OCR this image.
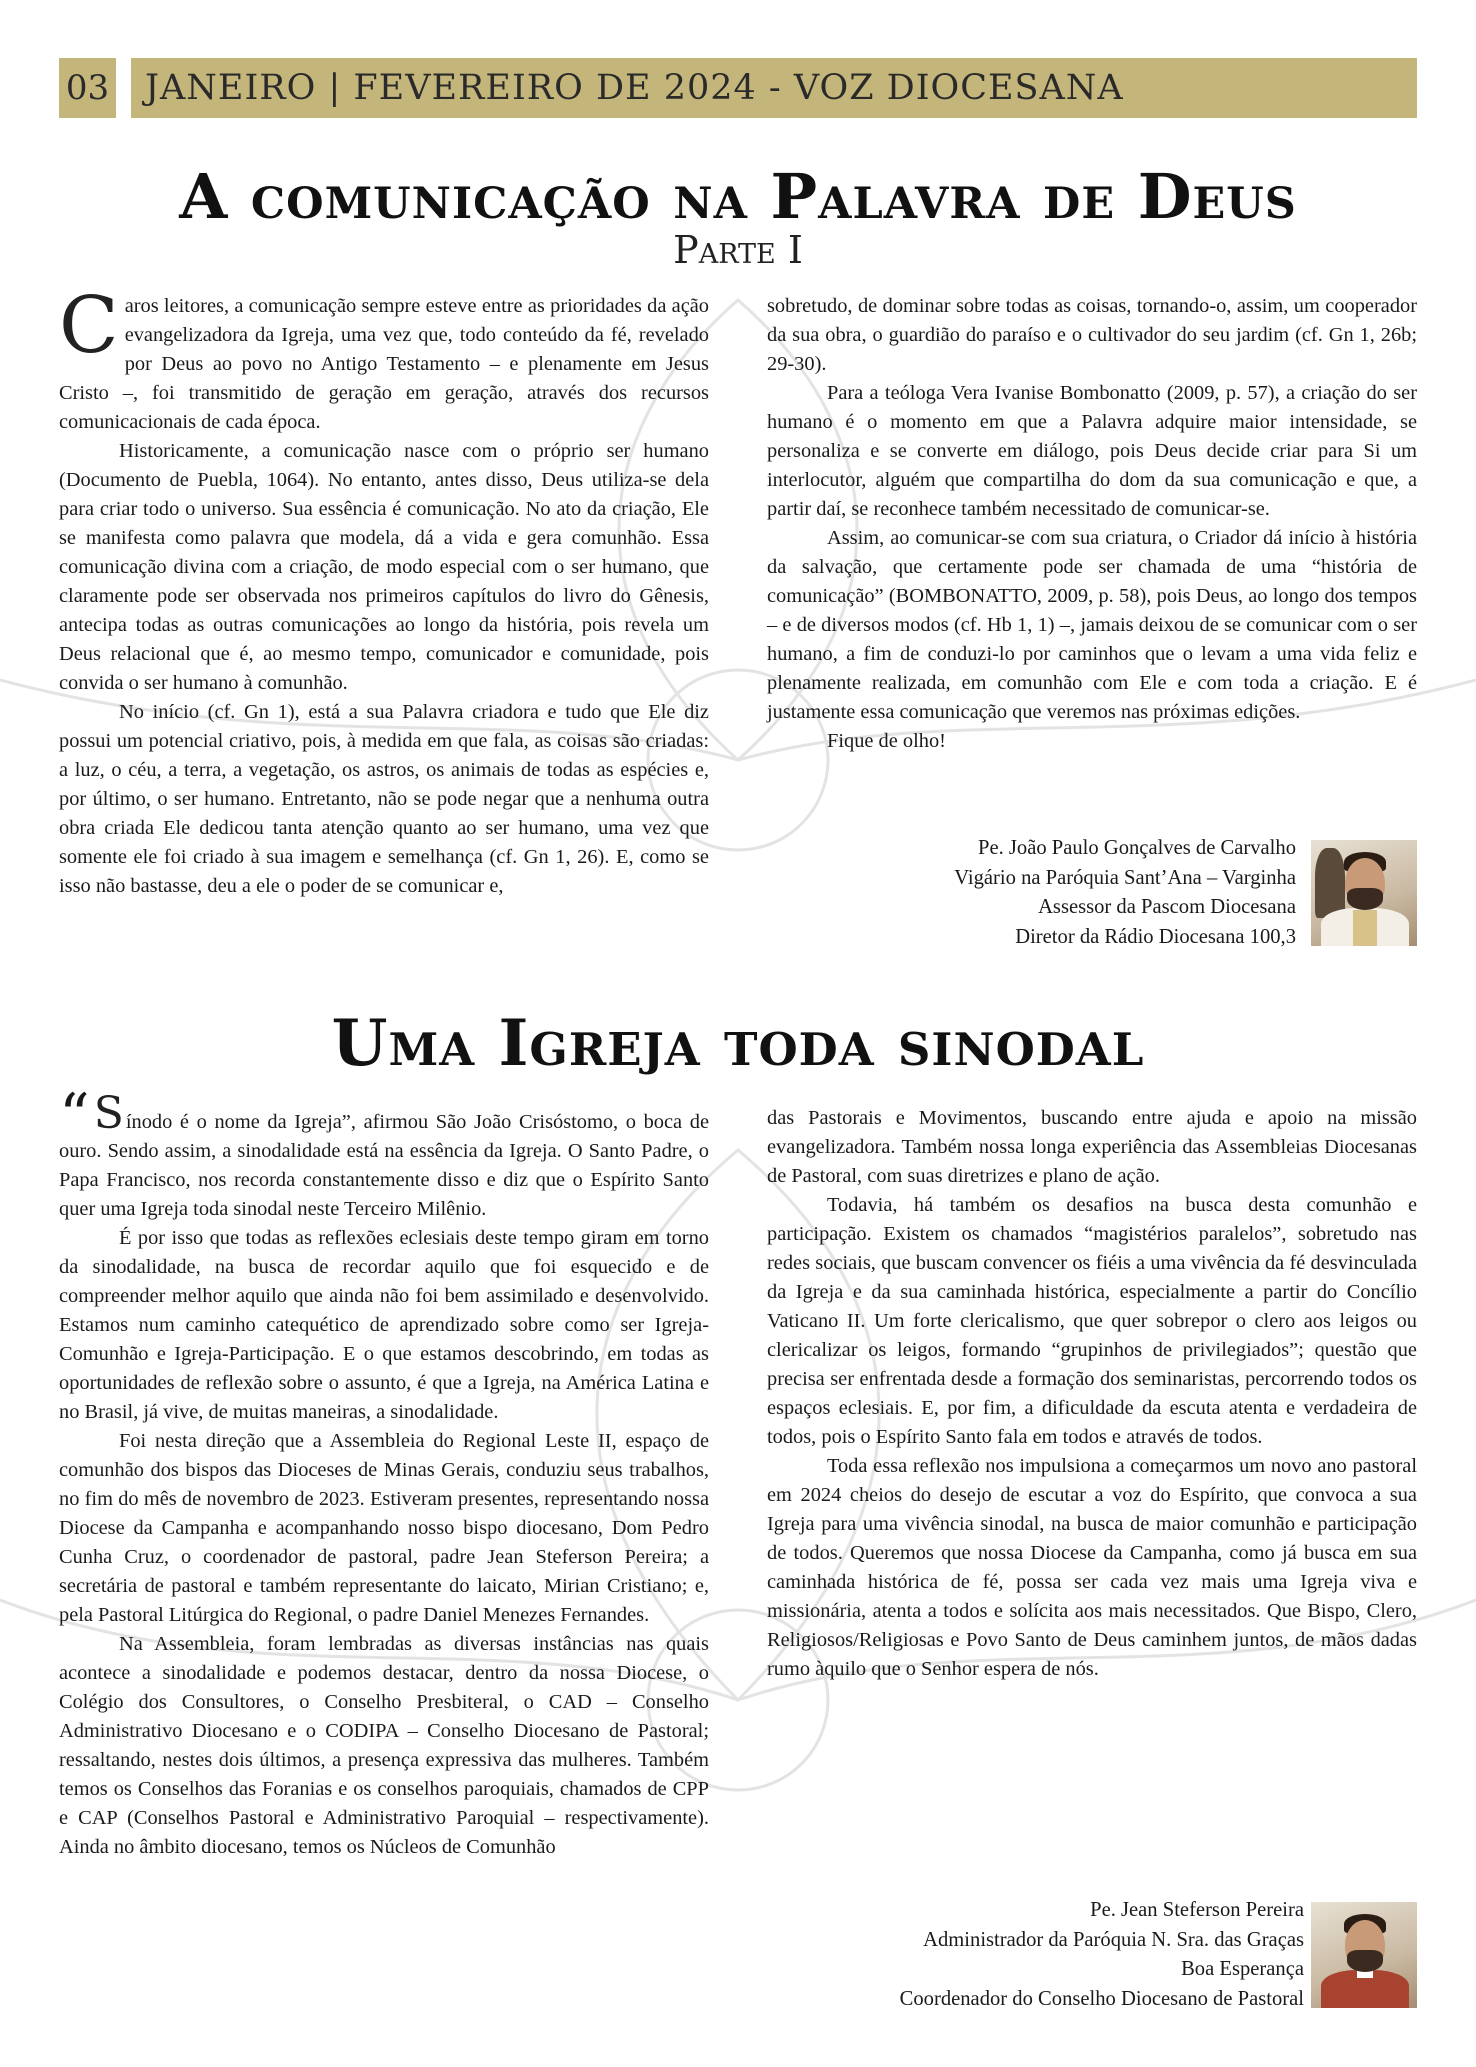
03	JANEIRO | FEVEREIRO DE 2024 - VOZ DIOCESANA
A comunicação na Palavra de Deus
Parte I

Caros leitores, a comunicação sempre esteve entre as prioridades da ação evangelizadora da Igreja, uma vez que, todo conteúdo da fé, revelado por Deus ao povo no Antigo Testamento – e plenamente em Jesus Cristo –, foi transmitido de geração em geração, através dos recursos comunicacionais de cada época.

Historicamente, a comunicação nasce com o próprio ser humano (Documento de Puebla, 1064). No entanto, antes disso, Deus utiliza-se dela para criar todo o universo. Sua essência é comunicação. No ato da criação, Ele se manifesta como palavra que modela, dá a vida e gera comunhão. Essa comunicação divina com a criação, de modo especial com o ser humano, que claramente pode ser observada nos primeiros capítulos do livro do Gênesis, antecipa todas as outras comunicações ao longo da história, pois revela um Deus relacional que é, ao mesmo tempo, comunicador e comunidade, pois convida o ser humano à comunhão.

No início (cf. Gn 1), está a sua Palavra criadora e tudo que Ele diz possui um potencial criativo, pois, à medida em que fala, as coisas são criadas: a luz, o céu, a terra, a vegetação, os astros, os animais de todas as espécies e, por último, o ser humano. Entretanto, não se pode negar que a nenhuma outra obra criada Ele dedicou tanta atenção quanto ao ser humano, uma vez que somente ele foi criado à sua imagem e semelhança (cf. Gn 1, 26). E, como se isso não bastasse, deu a ele o poder de se comunicar e,

sobretudo, de dominar sobre todas as coisas, tornando-o, assim, um cooperador da sua obra, o guardião do paraíso e o cultivador do seu jardim (cf. Gn 1, 26b; 29-30).

Para a teóloga Vera Ivanise Bombonatto (2009, p. 57), a criação do ser humano é o momento em que a Palavra adquire maior intensidade, se personaliza e se converte em diálogo, pois Deus decide criar para Si um interlocutor, alguém que compartilha do dom da sua comunicação e que, a partir daí, se reconhece também necessitado de comunicar-se.

Assim, ao comunicar-se com sua criatura, o Criador dá início à história da salvação, que certamente pode ser chamada de uma “história de comunicação” (BOMBONATTO, 2009, p. 58), pois Deus, ao longo dos tempos – e de diversos modos (cf. Hb 1, 1) –, jamais deixou de se comunicar com o ser humano, a fim de conduzi-lo por caminhos que o levam a uma vida feliz e plenamente realizada, em comunhão com Ele e com toda a criação. E é justamente essa comunicação que veremos nas próximas edições.

Fique de olho!

Pe. João Paulo Gonçalves de Carvalho
Vigário na Paróquia Sant’Ana – Varginha
Assessor da Pascom Diocesana
Diretor da Rádio Diocesana 100,3
Uma Igreja toda sinodal

“Sínodo é o nome da Igreja”, afirmou São João Crisóstomo, o boca de ouro. Sendo assim, a sinodalidade está na essência da Igreja. O Santo Padre, o Papa Francisco, nos recorda constantemente disso e diz que o Espírito Santo quer uma Igreja toda sinodal neste Terceiro Milênio.

É por isso que todas as reflexões eclesiais deste tempo giram em torno da sinodalidade, na busca de recordar aquilo que foi esquecido e de compreender melhor aquilo que ainda não foi bem assimilado e desenvolvido. Estamos num caminho catequético de aprendizado sobre como ser Igreja-Comunhão e Igreja-Participação. E o que estamos descobrindo, em todas as oportunidades de reflexão sobre o assunto, é que a Igreja, na América Latina e no Brasil, já vive, de muitas maneiras, a sinodalidade.

Foi nesta direção que a Assembleia do Regional Leste II, espaço de comunhão dos bispos das Dioceses de Minas Gerais, conduziu seus trabalhos, no fim do mês de novembro de 2023. Estiveram presentes, representando nossa Diocese da Campanha e acompanhando nosso bispo diocesano, Dom Pedro Cunha Cruz, o coordenador de pastoral, padre Jean Steferson Pereira; a secretária de pastoral e também representante do laicato, Mirian Cristiano; e, pela Pastoral Litúrgica do Regional, o padre Daniel Menezes Fernandes.

Na Assembleia, foram lembradas as diversas instâncias nas quais acontece a sinodalidade e podemos destacar, dentro da nossa Diocese, o Colégio dos Consultores, o Conselho Presbiteral, o CAD – Conselho Administrativo Diocesano e o CODIPA – Conselho Diocesano de Pastoral; ressaltando, nestes dois últimos, a presença expressiva das mulheres. Também temos os Conselhos das Foranias e os conselhos paroquiais, chamados de CPP e CAP (Conselhos Pastoral e Administrativo Paroquial – respectivamente). Ainda no âmbito diocesano, temos os Núcleos de Comunhão

das Pastorais e Movimentos, buscando entre ajuda e apoio na missão evangelizadora. Também nossa longa experiência das Assembleias Diocesanas de Pastoral, com suas diretrizes e plano de ação.

Todavia, há também os desafios na busca desta comunhão e participação. Existem os chamados “magistérios paralelos”, sobretudo nas redes sociais, que buscam convencer os fiéis a uma vivência da fé desvinculada da Igreja e da sua caminhada histórica, especialmente a partir do Concílio Vaticano II. Um forte clericalismo, que quer sobrepor o clero aos leigos ou clericalizar os leigos, formando “grupinhos de privilegiados”; questão que precisa ser enfrentada desde a formação dos seminaristas, percorrendo todos os espaços eclesiais. E, por fim, a dificuldade da escuta atenta e verdadeira de todos, pois o Espírito Santo fala em todos e através de todos.

Toda essa reflexão nos impulsiona a começarmos um novo ano pastoral em 2024 cheios do desejo de escutar a voz do Espírito, que convoca a sua Igreja para uma vivência sinodal, na busca de maior comunhão e participação de todos. Queremos que nossa Diocese da Campanha, como já busca em sua caminhada histórica de fé, possa ser cada vez mais uma Igreja viva e missionária, atenta a todos e solícita aos mais necessitados. Que Bispo, Clero, Religiosos/Religiosas e Povo Santo de Deus caminhem juntos, de mãos dadas rumo àquilo que o Senhor espera de nós.

Pe. Jean Steferson Pereira
Administrador da Paróquia N. Sra. das Graças
Boa Esperança
Coordenador do Conselho Diocesano de Pastoral
